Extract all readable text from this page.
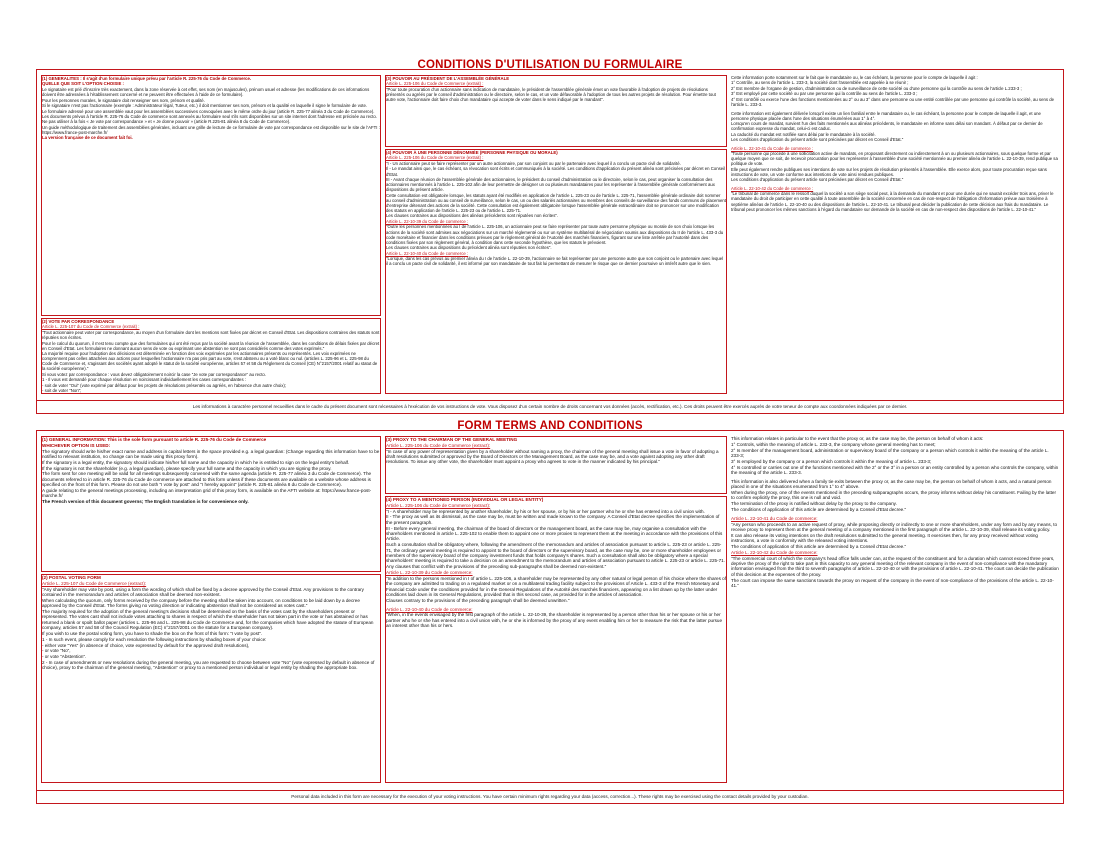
CONDITIONS D'UTILISATION DU FORMULAIRE
(1) GENERALITES : Il s'agit d'un formulaire unique prévu par l'article R. 225-76 du Code de Commerce.
QUELLE QUE SOIT L'OPTION CHOISIE :
Le signataire est prié d'inscrire très exactement, dans la zone réservée à cet effet, ses nom (en majuscules), prénom usuel et adresse (les modifications de ces informations doivent être adressées à l'établissement concerné et ne peuvent être effectuées à l'aide de ce formulaire).
Pour les personnes morales, le signataire doit renseigner ses nom, prénom et qualité.
Si le signataire n'est pas l'actionnaire (exemple : Administrateur légal, Tuteur, etc.) il doit mentionner ses nom, prénom et la qualité en laquelle il signe le formulaire de vote.
Le formulaire adressé pour une assemblée vaut pour les assemblées successives convoquées avec le même ordre du jour (article R. 225-77 alinéa 3 du Code de Commerce).
Les documents prévus à l'article R. 225-76 du Code de commerce sont annexés au formulaire seul s'ils sont disponibles sur un site internet dont l'adresse est précisée au recto. Ne pas utiliser à la fois « Je vote par correspondance » et « Je donne pouvoir » (article R.225-81 alinéa 8 du Code de Commerce).
Un guide méthodologique de traitement des assemblées générales, incluant une grille de lecture de ce formulaire de vote par correspondance est disponible sur le site de l'AFTI : https://www.france-post-marche.fr/
La version française de ce document fait foi.
(2) VOTE PAR CORRESPONDANCE
Article L. 225-107 du Code de Commerce (extrait) :
"Tout actionnaire peut voter par correspondance, au moyen d'un formulaire dont les mentions sont fixées par décret en Conseil d'Etat. Les dispositions contraires des statuts sont réputées non écrites.
Pour le calcul du quorum, il n'est tenu compte que des formulaires qui ont été reçus par la société avant la réunion de l'assemblée, dans les conditions de délais fixées par décret en Conseil d'Etat. Les formulaires ne donnant aucun sens de vote ou exprimant une abstention ne sont pas considérés comme des votes exprimés."
La majorité requise pour l'adoption des décisions est déterminée en fonction des voix exprimées par les actionnaires présents ou représentés. Les voix exprimées ne comprennent pas celles attachées aux actions pour lesquelles l'actionnaire n'a pas pris part au vote, s'est abstenu ou a voté blanc ou nul. (articles L. 225-96 et L. 225-98 du Code de Commerce et, s'agissant des sociétés ayant adopté le statut de la société européenne, articles 57 et 58 du Règlement du Conseil (CE) N°2157/2001 relatif au statut de la société européenne)."
Si vous votez par correspondance : vous devez obligatoirement noircir la case "Je vote par correspondance" au recto.
1 - Il vous est demandé pour chaque résolution en noircissant individuellement les cases correspondantes :
- soit de voter "Oui" (vote exprimé par défaut pour les projets de résolutions présentés ou agréés, en l'absence d'un autre choix);
- soit de voter "Non";
(3) POUVOIR AU PRÉSIDENT DE L'ASSEMBLÉE GÉNÉRALE
Article L. 225-106 du Code de Commerce (extrait) :
"Pour toute procuration d'un actionnaire sans indication de mandataire, le président de l'assemblée générale émet un vote favorable à l'adoption de projets de résolutions présentés ou agréés par le conseil d'administration ou le directoire, selon le cas, et un vote défavorable à l'adoption de tous les autres projets de résolution. Pour émettre tout autre vote, l'actionnaire doit faire choix d'un mandataire qui accepte de voter dans le sens indiqué par le mandant".
(4) POUVOIR À UNE PERSONNE DÉNOMMÉE (PERSONNE PHYSIQUE OU MORALE)
Article L. 225-106 du Code de Commerce (extrait) :
"I - Un actionnaire peut se faire représenter par un autre actionnaire, par son conjoint ou par le partenaire avec lequel il a conclu un pacte civil de solidarité.
Il - Le mandat ainsi que, le cas échéant, sa révocation sont écrits et communiqués à la société. Les conditions d'application du présent alinéa sont précisées par décret en Conseil d'Etat.
III - Avant chaque réunion de l'assemblée générale des actionnaires, le président du conseil d'administration ou le directoire, selon le cas, peut organiser la consultation des actionnaires mentionnés à l'article L. 225-102 afin de leur permettre de désigner un ou plusieurs mandataires pour les représenter à l'assemblée générale conformément aux dispositions du présent article.
Cette consultation est obligatoire lorsque, les statuts ayant été modifiés en application de l'article L. 225-23 ou de l'article L. 225-71, l'assemblée générale ordinaire doit nommer au conseil d'administration ou au conseil de surveillance, selon le cas, un ou des salariés actionnaires ou membres des conseils de surveillance des fonds communs de placement d'entreprise détenant des actions de la société. Cette consultation est également obligatoire lorsque l'assemblée générale extraordinaire doit se prononcer sur une modification des statuts en application de l'article L. 225-23 ou de l'article L. 225-71.
Les clauses contraires aux dispositions des alinéas précédents sont réputées non écrites".
Article L. 22-10-39 du Code de commerce :
"Outre les personnes mentionnées au I de l'article L. 225-106, un actionnaire peut se faire représenter par toute autre personne physique ou morale de son choix lorsque les actions de la société sont admises aux négociations sur un marché réglementé ou sur un système multilatéral de négociation soumis aux dispositions du II de l'article L. 433-3 du code monétaire et financier dans les conditions prévues par le règlement général de l'Autorité des marchés financiers, figurant sur une liste arrêtée par l'autorité dans des conditions fixées par son règlement général, à condition dans cette seconde hypothèse, que les statuts le prévoient.
Les clauses contraires aux dispositions du précédent alinéa sont réputées non écrites".
Article L. 22-10-40 du Code de commerce :
"Lorsque, dans les cas prévus au premier alinéa du I de l'article L. 22-10-39, l'actionnaire se fait représenter par une personne autre que son conjoint ou le partenaire avec lequel il a conclu un pacte civil de solidarité, il est informé par son mandataire de tout fait lui permettant de mesurer le risque que ce dernier poursuive un intérêt autre que le sien.
Cette information porte notamment sur le fait que le mandataire ou, le cas échéant, la personne pour le compte de laquelle il agit :
1° Contrôle, au sens de l'article L. 233-3, la société dont l'assemblée est appelée à se réunir ;
2° Est membre de l'organe de gestion, d'administration ou de surveillance de cette société ou d'une personne qui la contrôle au sens de l'article L.233-3 ;
3° Est employé par cette société ou par une personne qui la contrôle au sens de l'article L. 233-3 ;
4° Est contrôlé ou exerce l'une des fonctions mentionnées au 2° ou au 3° dans une personne ou une entité contrôlée par une personne qui contrôle la société, au sens de l'article L. 233-3.
Cette information est également délivrée lorsqu'il existe un lien familial entre le mandataire ou, le cas échéant, la personne pour le compte de laquelle il agit, et une personne physique placée dans l'une des situations énumérées aux 1° à 4°.
Lorsqu'en cours de mandat, survient l'un des faits mentionnés aux alinéas précédents, le mandataire en informe sans délai son mandant. À défaut par ce dernier de confirmation expresse du mandat, celui-ci est caduc.
La caducité du mandat est notifiée sans délai par le mandataire à la société.
Les conditions d'application du présent article sont précisées par décret en Conseil d'Etat."
Article L. 22-10-41 du Code de commerce :
"Toute personne qui procède à une sollicitation active de mandats, en proposant directement ou indirectement à un ou plusieurs actionnaires, sous quelque forme et par quelque moyen que ce soit, de recevoir procuration pour les représenter à l'assemblée d'une société mentionnée au premier alinéa de l'article L. 22-10-39, rend publique sa politique de vote.
Elle peut également rendre publiques ses intentions de vote sur les projets de résolution présentés à l'assemblée. Elle exerce alors, pour toute procuration reçue sans instructions de vote, un vote conforme aux intentions de vote ainsi rendues publiques.
Les conditions d'application du présent article sont précisées par décret en Conseil d'Etat."
Article L. 22-10-42 du Code de commerce :
"Le tribunal de commerce dans le ressort duquel la société a son siège social peut, à la demande du mandant et pour une durée qui ne saurait excéder trois ans, priver le mandataire du droit de participer en cette qualité à toute assemblée de la société concernée en cas de non-respect de l'obligation d'information prévue aux troisième à septième alinéas de l'article L. 22-10-40 ou des dispositions de l'article L. 22-10-41. Le tribunal peut décider la publication de cette décision aux frais du mandataire. Le tribunal peut prononcer les mêmes sanctions à l'égard du mandataire sur demande de la société en cas de non-respect des dispositions de l'article L. 22-10-41."
Les informations à caractère personnel recueillies dans le cadre du présent document sont nécessaires à l'exécution de vos instructions de vote. Vous disposez d'un certain nombre de droits concernant vos données (accès, rectification, etc.). Ces droits peuvent être exercés auprès de votre teneur de compte aux coordonnées indiquées par ce dernier.
FORM TERMS AND CONDITIONS
(1) GENERAL INFORMATION: This is the sole form pursuant to article R. 225-76 du Code de Commerce
WHICHEVER OPTION IS USED:
The signatory should write his/her exact name and address in capital letters in the space provided e.g. a legal guardian: (Change regarding this information have to be notified to relevant institution, no change can be made using this proxy form).
If the signatory is a legal entity, the signatory should indicate his/her full name and the capacity in which he is entitled to sign on the legal entity's behalf.
If the signatory is not the shareholder (e.g. a legal guardian), please specify your full name and the capacity in which you are signing the proxy.
The form sent for one meeting will be valid for all meetings subsequently convened with the same agenda (article R. 225-77 alinéa 3 du Code de Commerce). The documents referred to in article R. 225-76 du Code de commerce are attached to this form unless if these documents are available on a website whose address is specified on the front of this form. Please do not use both "I vote by post" and "I hereby appoint" (article R. 225-81 alinéa 8 du Code de Commerce).
A guide relating to the general meetings processing, including an interpretation grid of this proxy form, is available on the AFTI website at: https://www.france-post-marche.fr/
The French version of this document governs; The English translation is for convenience only.
(2) POSTAL VOTING FORM
Article L. 225-107 du Code de Commerce (extract):
"Any shareholder may vote by post, using a form the wording of which shall be fixed by a decree approved by the Conseil d'Etat. Any provisions to the contrary contained in the memorandum and articles of association shall be deemed non-existent.
When calculating the quorum, only forms received by the company before the meeting shall be taken into account, on conditions to be laid down by a decree approved by the Conseil d'Etat. The forms giving no voting direction or indicating abstention shall not be considered as votes cast."
The majority required for the adoption of the general meeting's decisions shall be determined on the basis of the votes cast by the shareholders present or represented. The votes cast shall not include votes attaching to shares in respect of which the shareholder has not taken part in the vote or has abstained or has returned a blank or spoilt ballot paper (articles L. 225-96 and L. 225-98 du Code de Commerce and, for the companies which have adopted the statute of European company, articles 57 and 58 of the Council Regulation (EC) n°2157/2001 on the statute for a European company).
If you wish to use the postal voting form, you have to shade the box on the front of this form: "I vote by post".
1 - In such event, please comply for each resolution the following instructions by shading boxes of your choice:
- either vote "Yes" (in absence of choice, vote expressed by default for the approved draft resolutions),
- or vote "No",
- or vote "Abstention".
2 - In case of amendments or new resolutions during the general meeting, you are requested to choose between vote "No" (vote expressed by default in absence of choice), proxy to the chairman of the general meeting, "Abstention" or proxy to a mentioned person individual or legal entity by shading the appropriate box.
(3) PROXY TO THE CHAIRMAN OF THE GENERAL MEETING
Article L. 225-106 du Code de Commerce (extract):
"In case of any power of representation given by a shareholder without naming a proxy, the chairman of the general meeting shall issue a vote in favor of adopting a draft resolutions submitted or approved by the Board of Directors or the Management Board, as the case may be, and a vote against adopting any other draft resolutions. To issue any other vote, the shareholder must appoint a proxy who agrees to vote in the manner indicated by his principal."
(4) PROXY TO A MENTIONED PERSON (INDIVIDUAL OR LEGAL ENTITY)
Article L. 225-106 du Code de Commerce (extract):
"I - A shareholder may be represented by another shareholder, by his or her spouse, or by his or her partner who he or she has entered into a civil union with.
II - The proxy as well as its dismissal, as the case may be, must be written and made known to the company. A Conseil d'Etat decree specifies the implementation of the present paragraph.
III - Before every general meeting, the chairman of the board of directors or the management board, as the case may be, may organise a consultation with the shareholders mentioned in article L. 225-102 to enable them to appoint one or more proxies to represent them at the meeting in accordance with the provisions of this Article.
Such a consultation shall be obligatory where, following the amendment of the memorandum and articles of association pursuant to article L. 225-23 or article L. 225-71, the ordinary general meeting is required to appoint to the board of directors or the supervisory board, as the case may be, one or more shareholder employees or members of the supervisory board of the company investment funds that holds company's shares. Such a consultation shall also be obligatory where a special shareholders' meeting is required to take a decision on an amendment to the memorandum and articles of association pursuant to article L. 225-23 or article L. 225-71.
Any clauses that conflict with the provisions of the preceding sub-paragraphs shall be deemed non-existent."
Article L. 22-10-39 du Code de commerce:
"In addition to the persons mentioned in I of article L. 225-106, a shareholder may be represented by any other natural or legal person of his choice where the shares of the company are admitted to trading on a regulated market or on a multilateral trading facility subject to the provisions of Article L. 433-3 of the French Monetary and Financial Code under the conditions provided for in the General Regulations of the Autorité des marchés financiers, appearing on a list drawn up by the latter under conditions laid down in its General Regulations, provided that in this second case, as provided for in the articles of association.
Clauses contrary to the provisions of the preceding paragraph shall be deemed unwritten."
Article L. 22-10-40 du Code de commerce:
"When, in the events envisaged by the first paragraph of the article L. 22-10-39, the shareholder is represented by a person other than his or her spouse or his or her partner who he or she has entered into a civil union with, he or she is informed by the proxy of any event enabling him or her to measure the risk that the latter pursue an interest other than his or hers.
This information relates in particular to the event that the proxy or, as the case may be, the person on behalf of whom it acts:
1° Controls, within the meaning of article L. 233-3, the company whose general meeting has to meet;
2° Is member of the management board, administration or supervisory board of the company or a person which controls it within the meaning of the article L. 233-3;
3° Is employed by the company or a person which controls it within the meaning of article L. 233-3;
4° Is controlled or carries out one of the functions mentioned with the 2° or the 3° in a person or an entity controlled by a person who controls the company, within the meaning of the article L. 233-3.
This information is also delivered when a family tie exits between the proxy or, as the case may be, the person on behalf of whom it acts, and a natural person placed in one of the situations enumerated from 1° to 4° above.
When during the proxy, one of the events mentioned in the preceding subparagraphs occurs, the proxy informs without delay his constituent. Failing by the latter to confirm explicitly the proxy, this one is null and void.
The termination of the proxy is notified without delay by the proxy to the company.
The conditions of application of this article are determined by a Conseil d'Etat decree."
Article L. 22-10-41 du Code de commerce:
"Any person who proceeds to an active request of proxy, while proposing directly or indirectly to one or more shareholders, under any form and by any means, to receive proxy to represent them at the general meeting of a company mentioned in the first paragraph of the article L. 22-10-39, shall release its voting policy.
It can also release its voting intentions on the draft resolutions submitted to the general meeting. It exercises then, for any proxy received without voting instructions, a vote in conformity with the released voting intentions.
The conditions of application of this article are determined by a Conseil d'Etat decree."
Article L. 22-10-42 du Code de commerce:
"The commercial court of which the company's head office falls under can, at the request of the constituent and for a duration which cannot exceed three years, deprive the proxy of the right to take part in this capacity to any general meeting of the relevant company in the event of non-compliance with the mandatory information envisaged from the third to seventh paragraphs of article L. 22-10-40 or with the provisions of article L. 22-10-41. The court can decide the publication of this decision at the expenses of the proxy.
The court can impose the same sanctions towards the proxy on request of the company in the event of non-compliance of the provisions of the article L. 22-10-41."
Personal data included in this form are necessary for the execution of your voting instructions. You have certain minimum rights regarding your data (access, correction...). These rights may be exercised using the contact details provided by your custodian.
